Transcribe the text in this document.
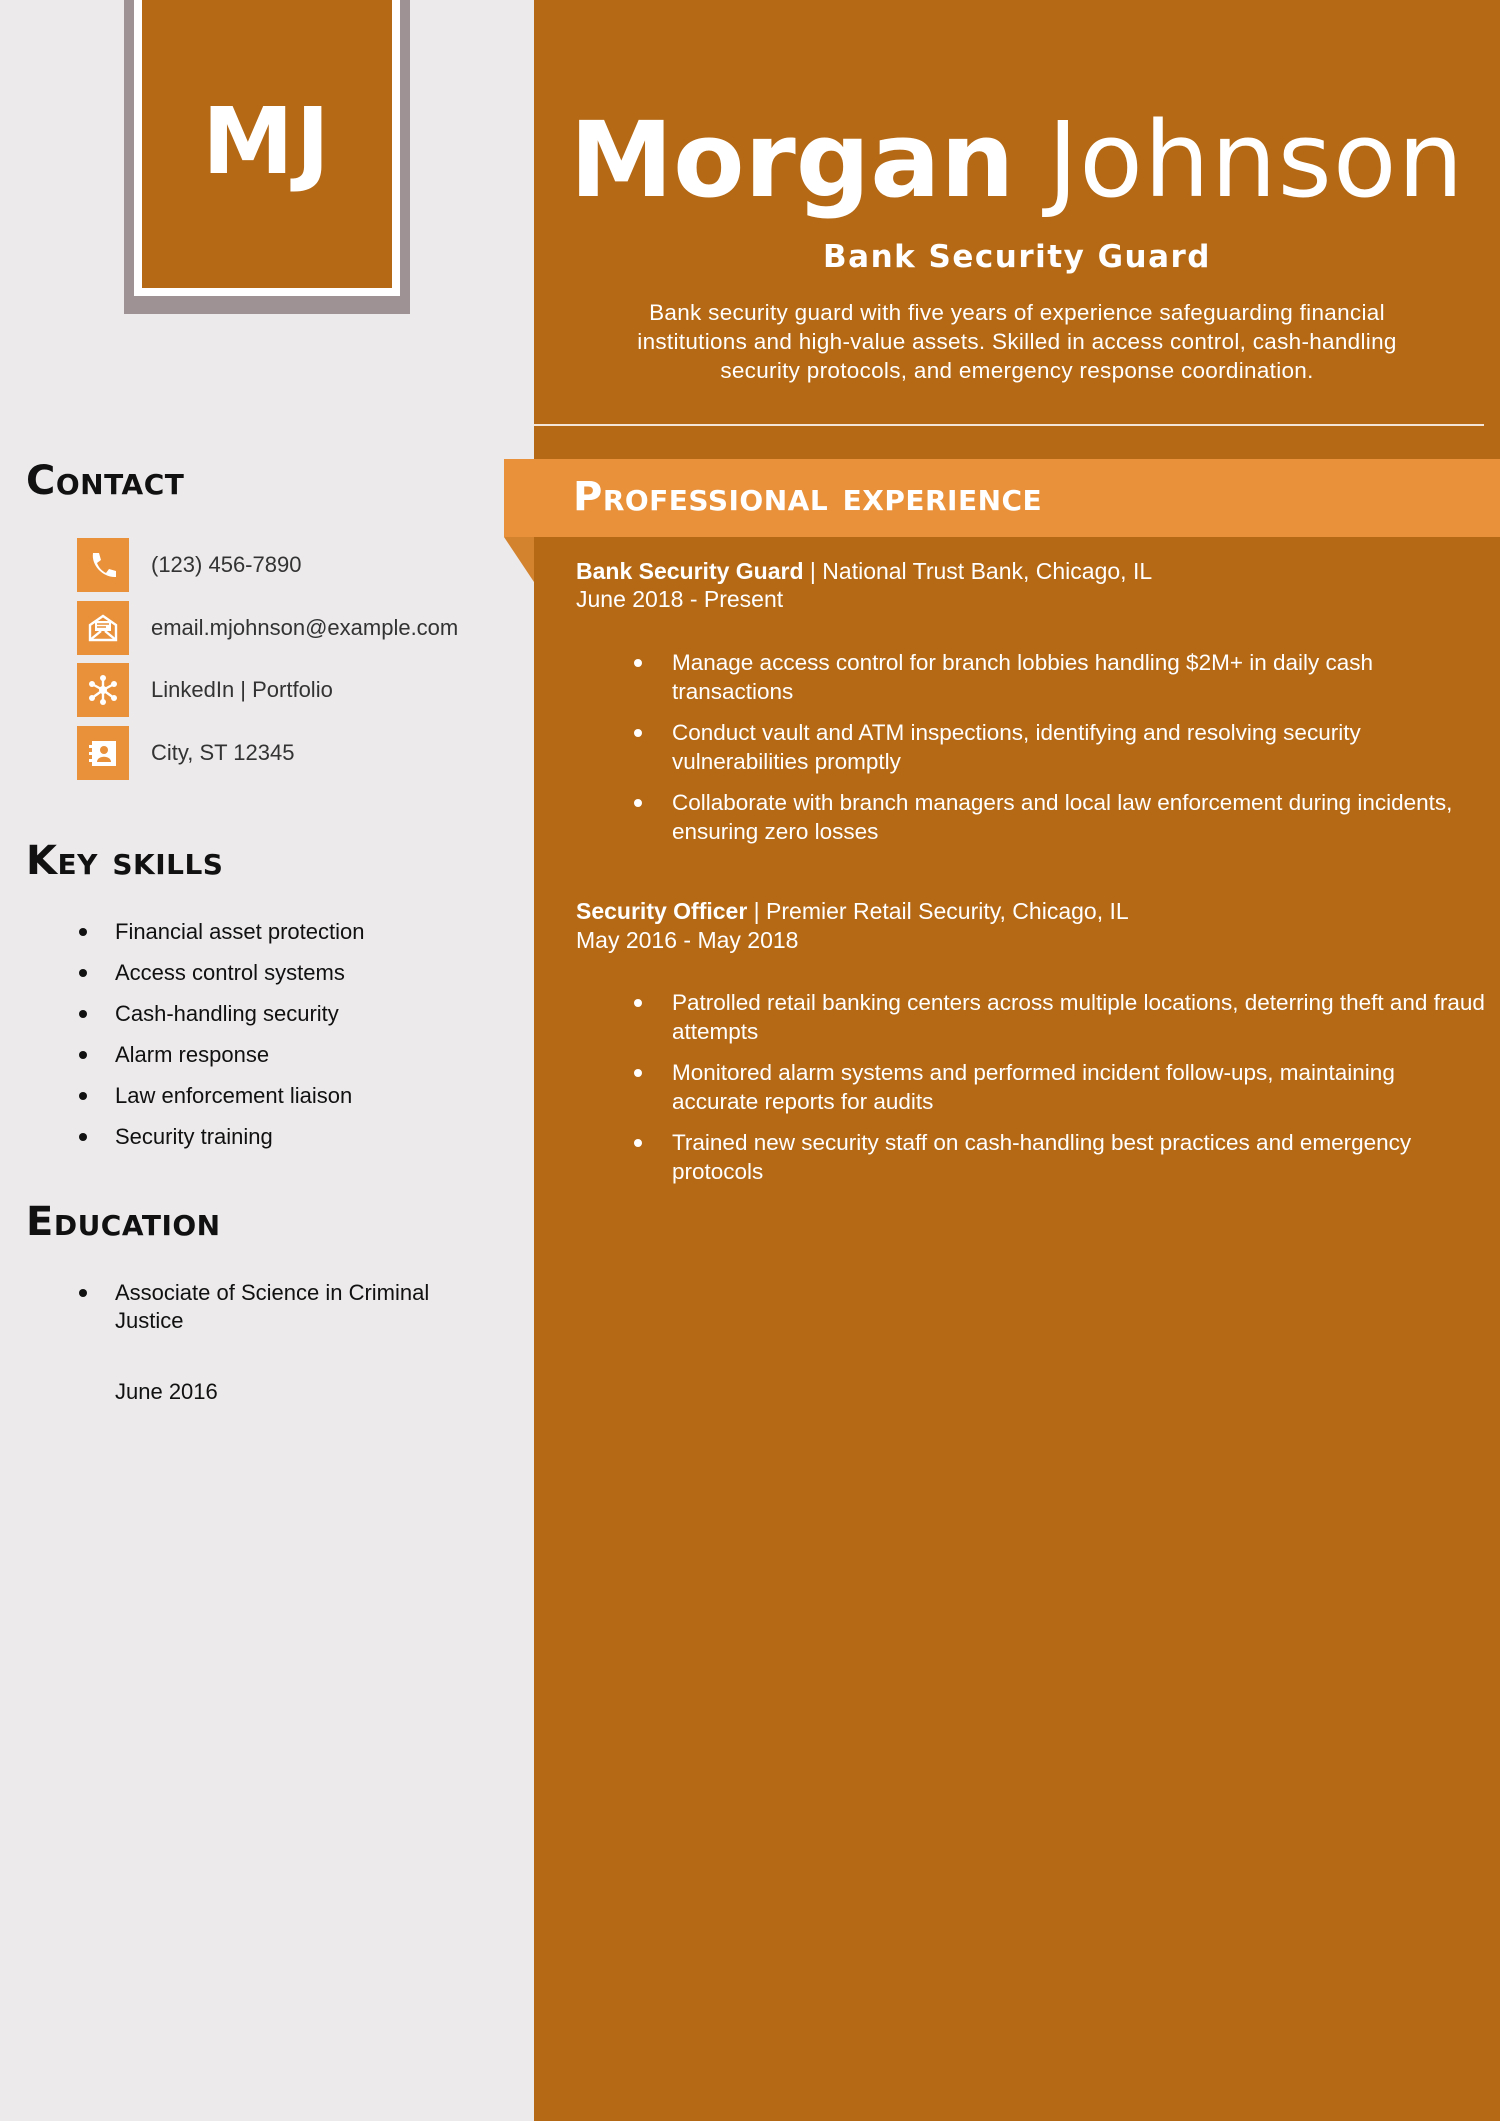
MJ
Contact
(123) 456-7890
email.mjohnson@example.com
LinkedIn | Portfolio
City, ST 12345
Key skills
Financial asset protection
Access control systems
Cash-handling security
Alarm response
Law enforcement liaison
Security training
Education
Associate of Science in Criminal Justice
June 2016
Morgan Johnson
Bank Security Guard
Bank security guard with five years of experience safeguarding financial institutions and high-value assets. Skilled in access control, cash-handling security protocols, and emergency response coordination.
Professional experience
Bank Security Guard | National Trust Bank, Chicago, IL
June 2018 - Present
Manage access control for branch lobbies handling $2M+ in daily cash transactions
Conduct vault and ATM inspections, identifying and resolving security vulnerabilities promptly
Collaborate with branch managers and local law enforcement during incidents, ensuring zero losses
Security Officer | Premier Retail Security, Chicago, IL
May 2016 - May 2018
Patrolled retail banking centers across multiple locations, deterring theft and fraud attempts
Monitored alarm systems and performed incident follow-ups, maintaining accurate reports for audits
Trained new security staff on cash-handling best practices and emergency protocols
